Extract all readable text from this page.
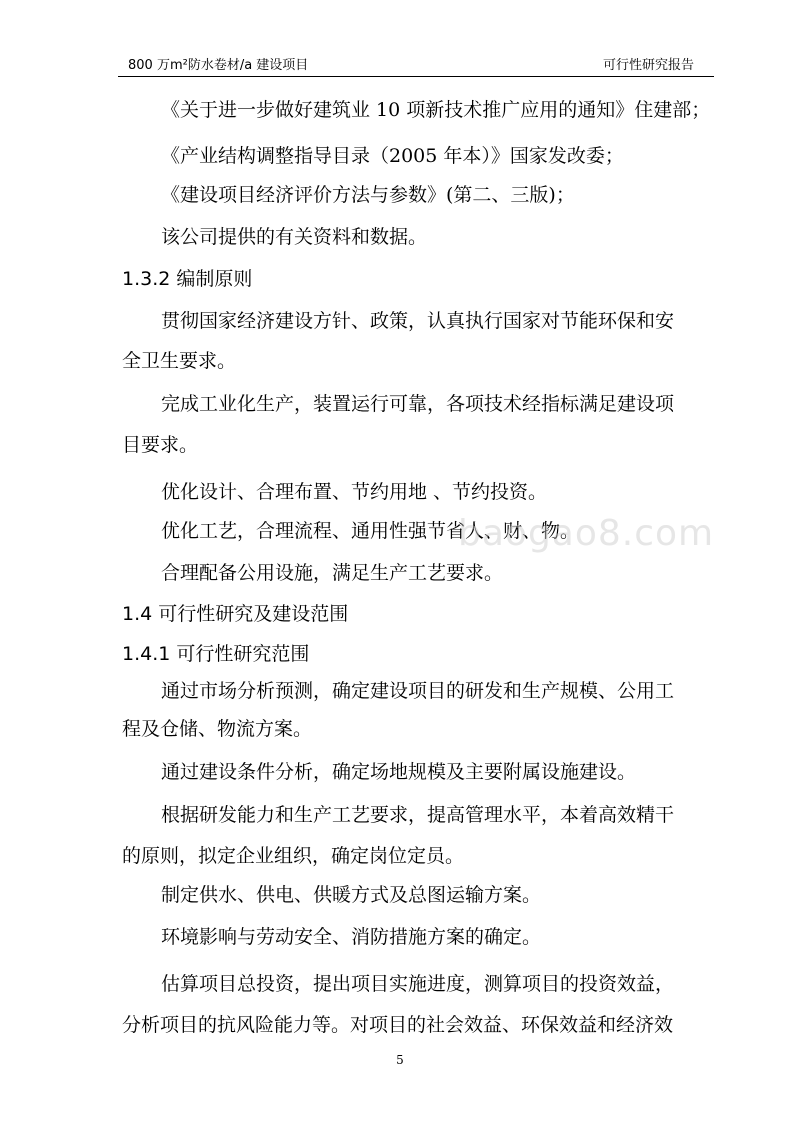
800 万m²防水卷材/a 建设项目	可行性研究报告
《关于进一步做好建筑业 10 项新技术推广应用的通知》住建部；
《产业结构调整指导目录（2005 年本）》国家发改委；
《建设项目经济评价方法与参数》(第二、三版)；
该公司提供的有关资料和数据。
1.3.2 编制原则
贯彻国家经济建设方针、政策，认真执行国家对节能环保和安
全卫生要求。
完成工业化生产，装置运行可靠，各项技术经指标满足建设项
目要求。
优化设计、合理布置、节约用地 、节约投资。
优化工艺，合理流程、通用性强节省人、财、物。
合理配备公用设施，满足生产工艺要求。
1.4 可行性研究及建设范围
1.4.1 可行性研究范围
通过市场分析预测，确定建设项目的研发和生产规模、公用工
程及仓储、物流方案。
通过建设条件分析，确定场地规模及主要附属设施建设。
根据研发能力和生产工艺要求，提高管理水平，本着高效精干
的原则，拟定企业组织，确定岗位定员。
制定供水、供电、供暖方式及总图运输方案。
环境影响与劳动安全、消防措施方案的确定。
估算项目总投资，提出项目实施进度，测算项目的投资效益，
分析项目的抗风险能力等。对项目的社会效益、环保效益和经济效
baogao8.com
5
